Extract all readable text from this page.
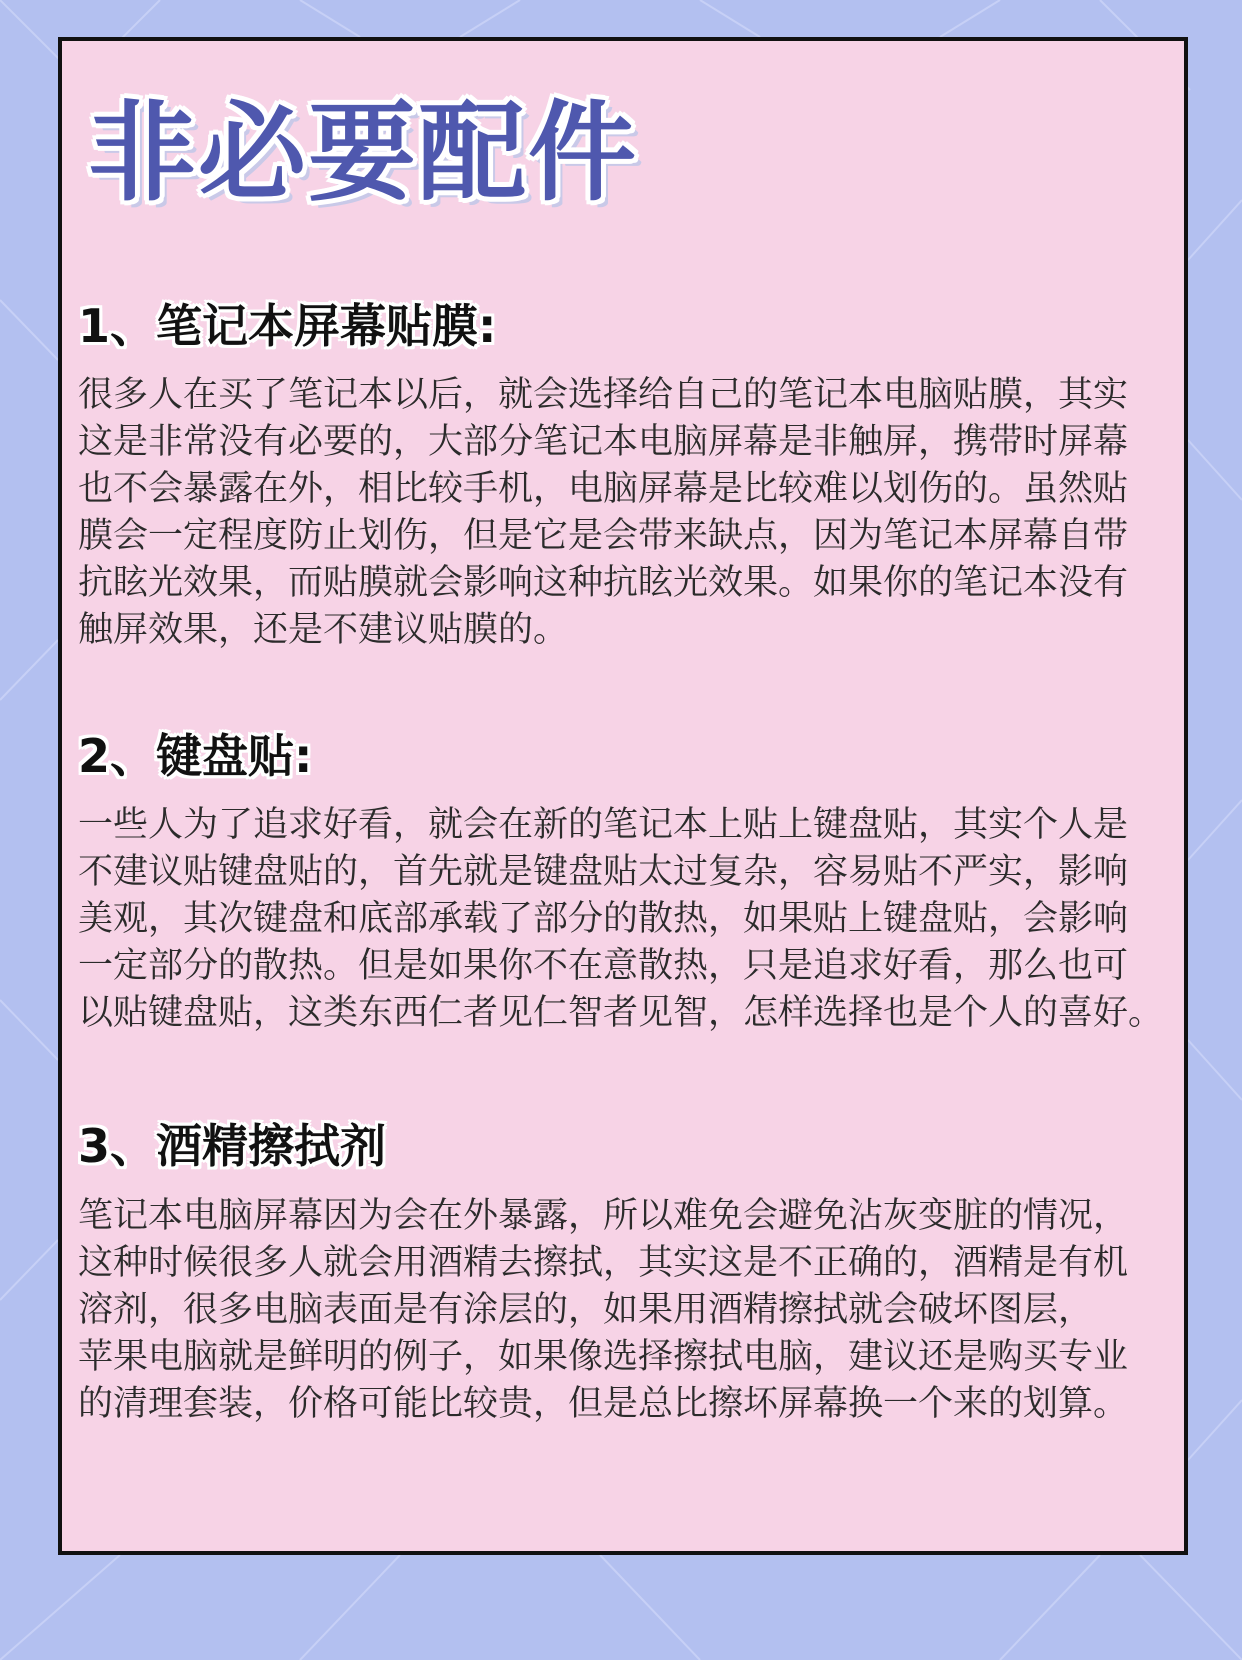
非必要配件
1、笔记本屏幕贴膜:

很多人在买了笔记本以后，就会选择给自己的笔记本电脑贴膜，其实
这是非常没有必要的，大部分笔记本电脑屏幕是非触屏，携带时屏幕
也不会暴露在外，相比较手机，电脑屏幕是比较难以划伤的。虽然贴
膜会一定程度防止划伤，但是它是会带来缺点，因为笔记本屏幕自带
抗眩光效果，而贴膜就会影响这种抗眩光效果。如果你的笔记本没有
触屏效果，还是不建议贴膜的。

2、键盘贴:

一些人为了追求好看，就会在新的笔记本上贴上键盘贴，其实个人是
不建议贴键盘贴的，首先就是键盘贴太过复杂，容易贴不严实，影响
美观，其次键盘和底部承载了部分的散热，如果贴上键盘贴，会影响
一定部分的散热。但是如果你不在意散热，只是追求好看，那么也可
以贴键盘贴，这类东西仁者见仁智者见智，怎样选择也是个人的喜好。

3、酒精擦拭剂

笔记本电脑屏幕因为会在外暴露，所以难免会避免沾灰变脏的情况，
这种时候很多人就会用酒精去擦拭，其实这是不正确的，酒精是有机
溶剂，很多电脑表面是有涂层的，如果用酒精擦拭就会破坏图层，
苹果电脑就是鲜明的例子，如果像选择擦拭电脑，建议还是购买专业
的清理套装，价格可能比较贵，但是总比擦坏屏幕换一个来的划算。
